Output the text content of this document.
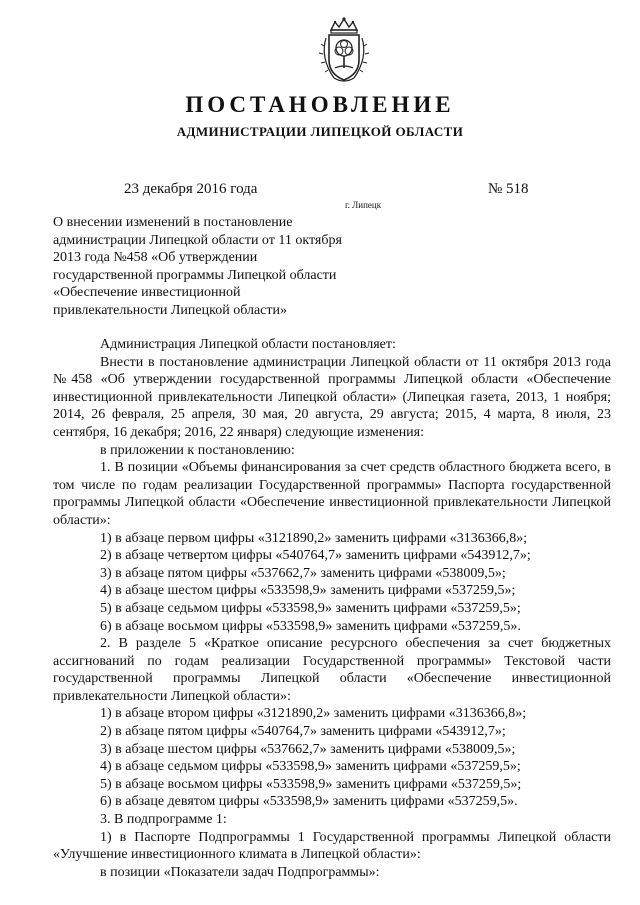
ПОСТАНОВЛЕНИЕ
АДМИНИСТРАЦИИ ЛИПЕЦКОЙ ОБЛАСТИ
23 декабря 2016 года	№ 518
г. Липецк
О внесении изменений в постановление
администрации Липецкой области от 11 октября
2013 года №458 «Об утверждении
государственной программы Липецкой области
«Обеспечение инвестиционной
привлекательности Липецкой области»

Администрация Липецкой области постановляет:

Внести в постановление администрации Липецкой области от 11 октября 2013 года №458 «Об утверждении государственной программы Липецкой области «Обеспечение инвестиционной привлекательности Липецкой области» (Липецкая газета, 2013, 1 ноября; 2014, 26 февраля, 25 апреля, 30 мая, 20 августа, 29 августа; 2015, 4 марта, 8 июля, 23 сентября, 16 декабря; 2016, 22 января) следующие изменения:

в приложении к постановлению:

1. В позиции «Объемы финансирования за счет средств областного бюджета всего, в том числе по годам реализации Государственной программы» Паспорта государственной программы Липецкой области «Обеспечение инвестиционной привлекательности Липецкой области»:

1) в абзаце первом цифры «3121890,2» заменить цифрами «3136366,8»;

2) в абзаце четвертом цифры «540764,7» заменить цифрами «543912,7»;

3) в абзаце пятом цифры «537662,7» заменить цифрами «538009,5»;

4) в абзаце шестом цифры «533598,9» заменить цифрами «537259,5»;

5) в абзаце седьмом цифры «533598,9» заменить цифрами «537259,5»;

6) в абзаце восьмом цифры «533598,9» заменить цифрами «537259,5».

2. В разделе 5 «Краткое описание ресурсного обеспечения за счет бюджетных ассигнований по годам реализации Государственной программы» Текстовой части государственной программы Липецкой области «Обеспечение инвестиционной привлекательности Липецкой области»:

1) в абзаце втором цифры «3121890,2» заменить цифрами «3136366,8»;

2) в абзаце пятом цифры «540764,7» заменить цифрами «543912,7»;

3) в абзаце шестом цифры «537662,7» заменить цифрами «538009,5»;

4) в абзаце седьмом цифры «533598,9» заменить цифрами «537259,5»;

5) в абзаце восьмом цифры «533598,9» заменить цифрами «537259,5»;

6) в абзаце девятом цифры «533598,9» заменить цифрами «537259,5».

3. В подпрограмме 1:

1) в Паспорте Подпрограммы 1 Государственной программы Липецкой области «Улучшение инвестиционного климата в Липецкой области»:

в позиции «Показатели задач Подпрограммы»:
